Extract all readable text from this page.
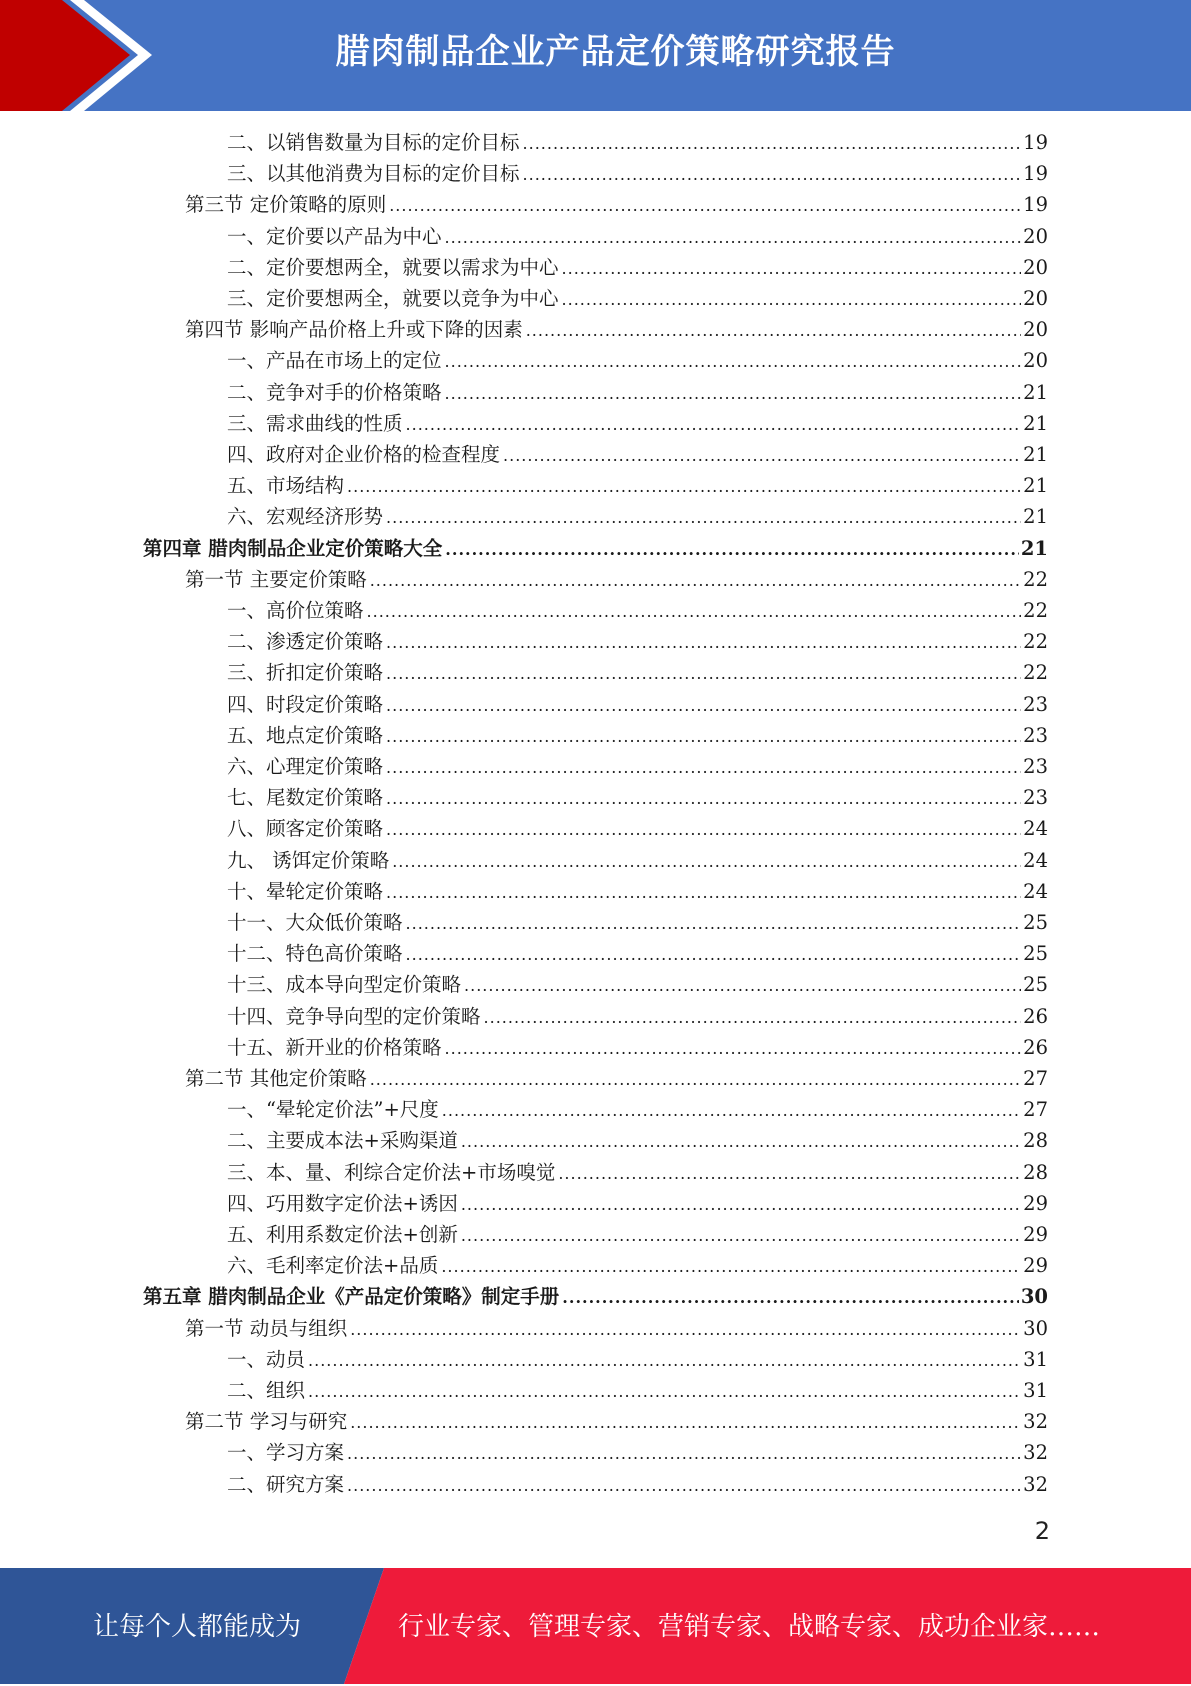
腊肉制品企业产品定价策略研究报告
二、以销售数量为目标的定价目标 .....	19
三、以其他消费为目标的定价目标 .....	19
第三节 定价策略的原则 .....	19
一、定价要以产品为中心 .....	20
二、定价要想两全，就要以需求为中心 .....	20
三、定价要想两全，就要以竞争为中心 .....	20
第四节 影响产品价格上升或下降的因素 .....	20
一、产品在市场上的定位 .....	20
二、竞争对手的价格策略 .....	21
三、需求曲线的性质 .....	21
四、政府对企业价格的检查程度 .....	21
五、市场结构 .....	21
六、宏观经济形势 .....	21
第四章 腊肉制品企业定价策略大全 .....	21
第一节 主要定价策略 .....	22
一、高价位策略 .....	22
二、渗透定价策略 .....	22
三、折扣定价策略 .....	22
四、时段定价策略 .....	23
五、地点定价策略 .....	23
六、心理定价策略 .....	23
七、尾数定价策略 .....	23
八、顾客定价策略 .....	24
九、 诱饵定价策略 .....	24
十、晕轮定价策略 .....	24
十一、大众低价策略 .....	25
十二、特色高价策略 .....	25
十三、成本导向型定价策略 .....	25
十四、竞争导向型的定价策略 .....	26
十五、新开业的价格策略 .....	26
第二节 其他定价策略 .....	27
一、“晕轮定价法”+尺度 .....	27
二、主要成本法+采购渠道 .....	28
三、本、量、利综合定价法+市场嗅觉 .....	28
四、巧用数字定价法+诱因 .....	29
五、利用系数定价法+创新 .....	29
六、毛利率定价法+品质 .....	29
第五章 腊肉制品企业《产品定价策略》制定手册 .....	30
第一节 动员与组织 .....	30
一、动员 .....	31
二、组织 .....	31
第二节 学习与研究 .....	32
一、学习方案 .....	32
二、研究方案 .....	32
2
让每个人都能成为	行业专家、管理专家、营销专家、战略专家、成功企业家……
